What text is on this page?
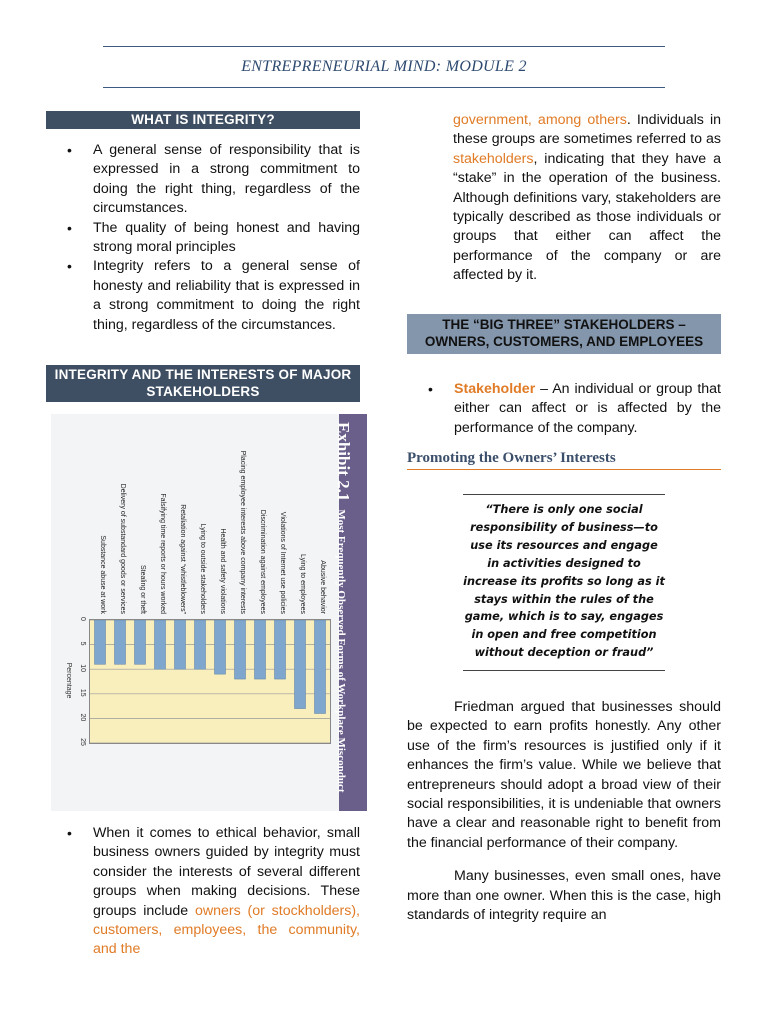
ENTREPRENEURIAL MIND: MODULE 2
WHAT IS INTEGRITY?
• A general sense of responsibility that is expressed in a strong commitment to doing the right thing, regardless of the circumstances.
• The quality of being honest and having strong moral principles
• Integrity refers to a general sense of honesty and reliability that is expressed in a strong commitment to doing the right thing, regardless of the circumstances.
INTEGRITY AND THE INTERESTS OF MAJOR STAKEHOLDERS
Exhibit 2.1Most Frequently Observed Forms of Workplace Misconduct
0
5
10
15
20
25
Percentage
Substance abuse at work Delivery of substandard goods or services Stealing or theft Falsifying time reports or hours worked Retaliation against “whistleblowers” Lying to outside stakeholders Health and safety violations Placing employee interests above company interests Discrimination against employees Violations of Internet use policies Lying to employees Abusive behavior
• When it comes to ethical behavior, small business owners guided by integrity must consider the interests of several different groups when making decisions. These groups include owners (or stockholders), customers, employees, the community, and the

government, among others. Individuals in these groups are sometimes referred to as stakeholders, indicating that they have a “stake” in the operation of the business. Although definitions vary, stakeholders are typically described as those individuals or groups that either can affect the performance of the company or are affected by it.

THE “BIG THREE” STAKEHOLDERS – OWNERS, CUSTOMERS, AND EMPLOYEES
• Stakeholder – An individual or group that either can affect or is affected by the performance of the company.
Promoting the Owners’ Interests
“There is only one social responsibility of business—to use its resources and engage in activities designed to increase its profits so long as it stays within the rules of the game, which is to say, engages in open and free competition without deception or fraud”

Friedman argued that businesses should be expected to earn profits honestly. Any other use of the firm’s resources is justified only if it enhances the firm’s value. While we believe that entrepreneurs should adopt a broad view of their social responsibilities, it is undeniable that owners have a clear and reasonable right to benefit from the financial performance of their company.

Many businesses, even small ones, have more than one owner. When this is the case, high standards of integrity require an
